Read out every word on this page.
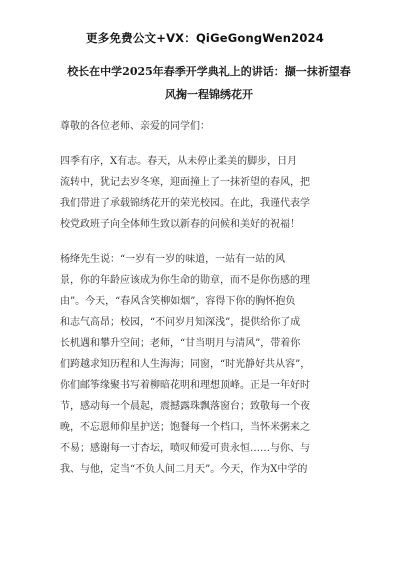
更多免费公文+VX：QiGeGongWen2024
校长在中学2025年春季开学典礼上的讲话：撷一抹祈望春
风掬一程锦绣花开
尊敬的各位老师、亲爱的同学们：
四季有序，X有志。春天，从未停止柔美的脚步，日月
流转中，犹记去岁冬寒，迎面撞上了一抹祈望的春风，把
我们带进了承载锦绣花开的荣光校园。在此，我谨代表学
校党政班子向全体师生致以新春的问候和美好的祝福！
杨绛先生说：“一岁有一岁的味道，一站有一站的风
景，你的年龄应该成为你生命的勋章，而不是你伤感的理
由”。今天，“春风含笑柳如烟”，容得下你的胸怀抱负
和志气高昂；校园，“不问岁月知深浅”，提供给你了成
长机遇和攀升空间；老师，“甘当明月与清风”，带着你
们跨越求知历程和人生海海；同窗，“时光静好共从容”，
你们邮筝缘聚书写着柳暗花明和理想顶峰。正是一年好时
节，感动每一个晨起，震撼露珠飘落窗台；致敬每一个夜
晚，不忘恩师仰星护送；饱餐每一个档口，当怀米粥来之
不易；感谢每一寸杏坛，喷叹师爱可贵永恒……与你、与
我、与他，定当“不负人间二月天”。今天，作为X中学的
